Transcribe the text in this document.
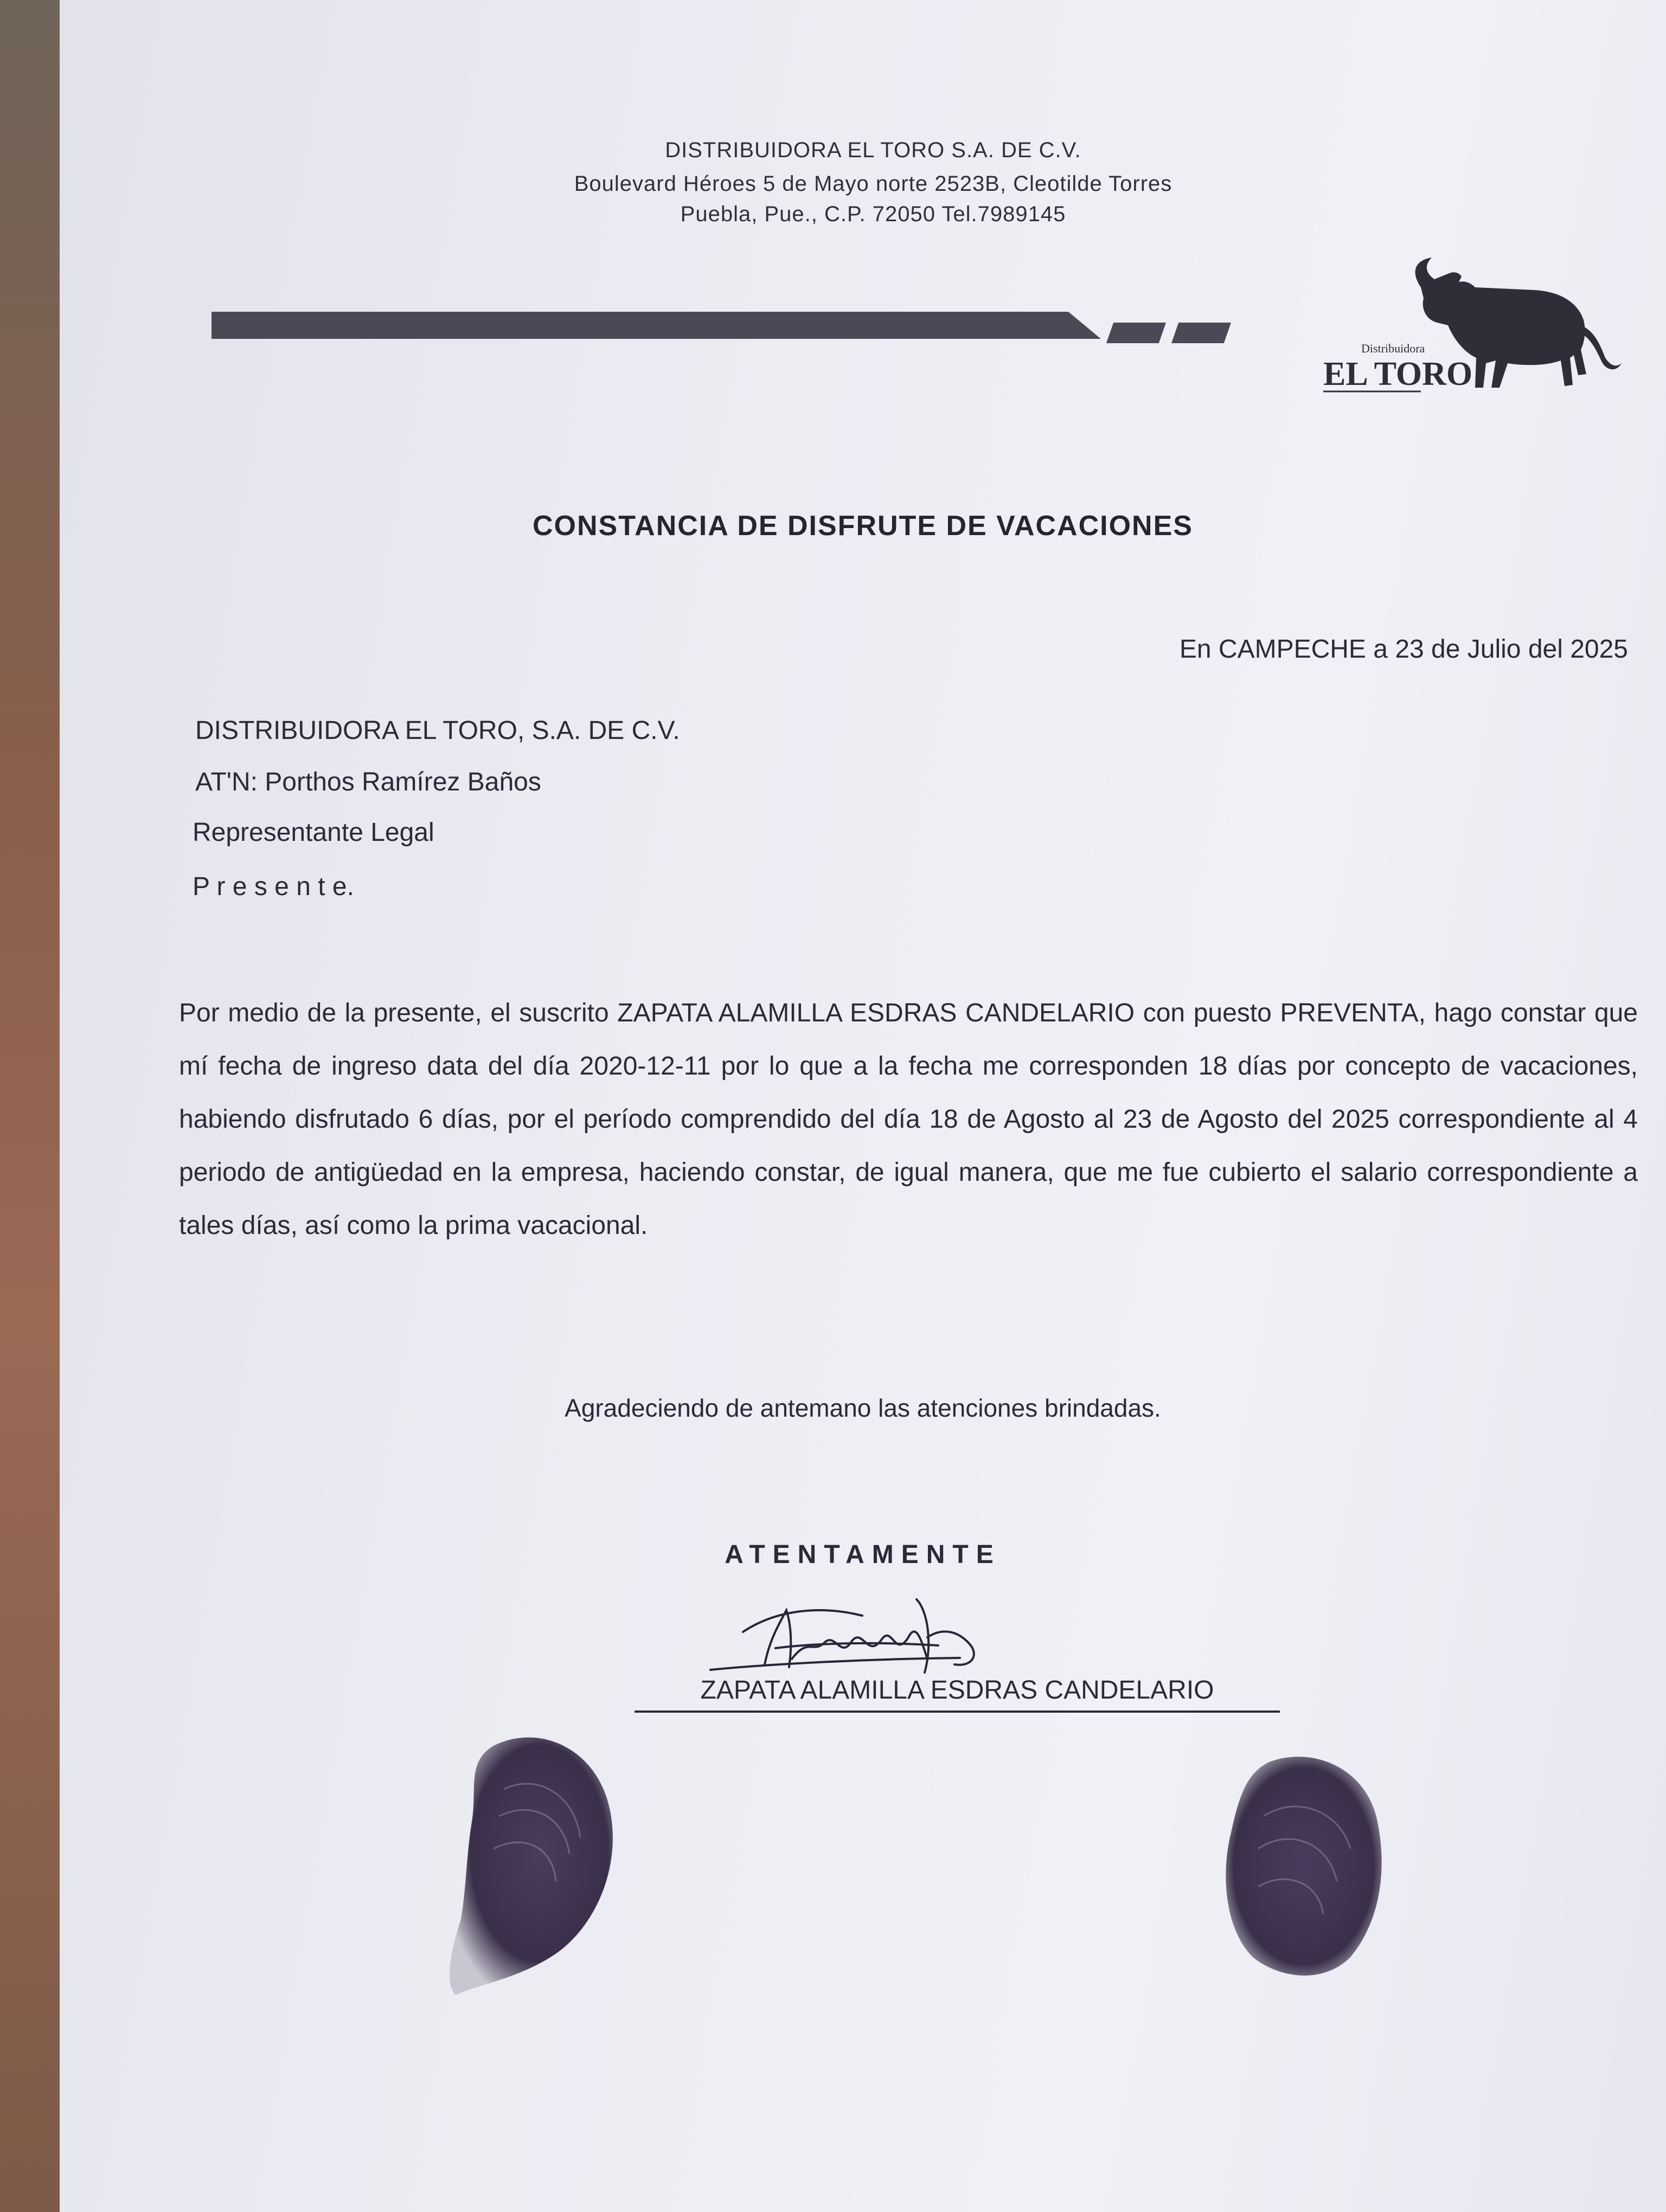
DISTRIBUIDORA EL TORO S.A. DE C.V.
Boulevard Héroes 5 de Mayo norte 2523B, Cleotilde Torres
Puebla, Pue., C.P. 72050 Tel.7989145
Distribuidora
EL TORO
CONSTANCIA DE DISFRUTE DE VACACIONES
En CAMPECHE a 23 de Julio del 2025
DISTRIBUIDORA EL TORO, S.A. DE C.V.
AT'N: Porthos Ramírez Baños
Representante Legal
P r e s e n t e.
Por medio de la presente, el suscrito ZAPATA ALAMILLA ESDRAS CANDELARIO con puesto PREVENTA, hago constar que mí fecha de ingreso data del día 2020-12-11 por lo que a la fecha me corresponden 18 días por concepto de vacaciones, habiendo disfrutado 6 días, por el período comprendido del día 18 de Agosto al 23 de Agosto del 2025 correspondiente al 4 periodo de antigüedad en la empresa, haciendo constar, de igual manera, que me fue cubierto el salario correspondiente a tales días, así como la prima vacacional.
Agradeciendo de antemano las atenciones brindadas.
ATENTAMENTE
ZAPATA ALAMILLA ESDRAS CANDELARIO
